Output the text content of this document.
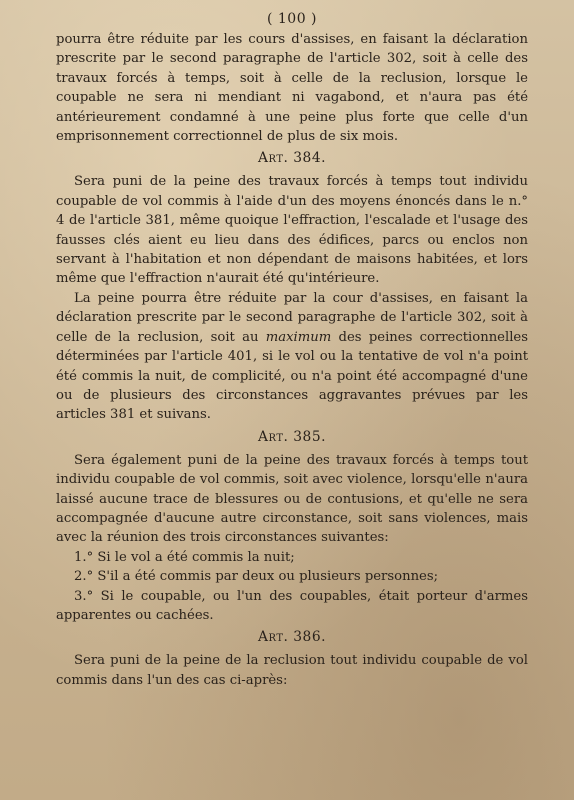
( 100 )

pourra être réduite par les cours d'assises, en faisant la déclaration prescrite par le second paragraphe de l'article 302, soit à celle des travaux forcés à temps, soit à celle de la reclusion, lorsque le coupable ne sera ni mendiant ni vagabond, et n'aura pas été antérieurement condamné à une peine plus forte que celle d'un emprisonnement correctionnel de plus de six mois.

Art. 384.

Sera puni de la peine des travaux forcés à temps tout individu coupable de vol commis à l'aide d'un des moyens énoncés dans le n.° 4 de l'article 381, même quoique l'effraction, l'escalade et l'usage des fausses clés aient eu lieu dans des édifices, parcs ou enclos non servant à l'habitation et non dépendant de maisons habitées, et lors même que l'effraction n'aurait été qu'intérieure.

La peine pourra être réduite par la cour d'assises, en faisant la déclaration prescrite par le second paragraphe de l'article 302, soit à celle de la reclusion, soit au maximum des peines correctionnelles déterminées par l'article 401, si le vol ou la tentative de vol n'a point été commis la nuit, de complicité, ou n'a point été accompagné d'une ou de plusieurs des circonstances aggravantes prévues par les articles 381 et suivans.

Art. 385.

Sera également puni de la peine des travaux forcés à temps tout individu coupable de vol commis, soit avec violence, lorsqu'elle n'aura laissé aucune trace de blessures ou de contusions, et qu'elle ne sera accompagnée d'aucune autre circonstance, soit sans violences, mais avec la réunion des trois circonstances suivantes:

1.° Si le vol a été commis la nuit;

2.° S'il a été commis par deux ou plusieurs personnes;

3.° Si le coupable, ou l'un des coupables, était porteur d'armes apparentes ou cachées.

Art. 386.

Sera puni de la peine de la reclusion tout individu coupable de vol commis dans l'un des cas ci-après:
